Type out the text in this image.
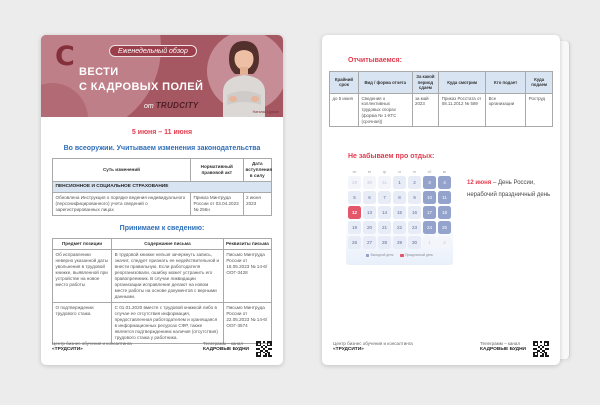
C	Еженедельный обзор
ВЕСТИ
С КАДРОВЫХ ПОЛЕЙ
от TRUDCITY
Наталья Цуркан
5 июня – 11 июня
Во всеоружии. Учитываем изменения законодательства
Суть изменений	Нормативный правовой акт	Дата вступления в силу
ПЕНСИОННОЕ И СОЦИАЛЬНОЕ СТРАХОВАНИЕ		
Обновлена Инструкция о порядке ведения индивидуального (персонифицированного) учета сведений о зарегистрированных лицах	Приказ Минтруда России от 03.04.2023 № 256н	2 июня 2023
Принимаем к сведению:
Предмет позиции	Содержание письма	Реквизиты письма
Об исправлении неверно указанной даты увольнения в трудовой книжке, выявленной при устройстве на новое место работы	В трудовой книжке нельзя зачеркнуть запись, значит, следует признать ее недействительной и внести правильную. Если работодателя реорганизовали, ошибку может устранить его правопреемник. В случае ликвидации организации исправление делают на новом месте работы на основе документов с верными данными.	Письмо Минтруда России от 16.05.2023 № 14-6/ООГ-3428
О подтверждении трудового стажа	С 01.01.2020 вместе с трудовой книжкой либо в случае ее отсутствия информация, предоставленная работодателем и хранящаяся в информационных ресурсах СФР, также является подтверждением наличия (отсутствия) трудового стажа у работника.	Письмо Минтруда России от 22.05.2023 № 14-6/ООГ-3574
Центр бизнес обучения и консалтинга
«ТРУДСИТИ»
Телеграмм – канал
КАДРОВЫЕ БУДНИ
Отчитываемся:
Крайний срок	Вид / форма отчета	За какой период сдаем	Куда смотрим	Кто подает	Куда подаем
до 5 июня	Сведения о коллективных трудовых спорах (форма № 1-КТС (срочная))	за май 2023	Приказ Росстата от 08.11.2012 № 589	Все организации	Роструд
Не забываем про отдых:
пн	вт	ср	чт	пт	сб	вс
29	30	31	1	2	3	4
5	6	7	8	9	10	11
12	13	14	15	16	17	18
19	20	21	22	23	24	25
26	27	28	29	30	1	2
Выходной день	Праздничный день
12 июня – День России, нерабочий праздничный день
Центр бизнес обучения и консалтинга
«ТРУДСИТИ»
Телеграмм – канал
КАДРОВЫЕ БУДНИ
